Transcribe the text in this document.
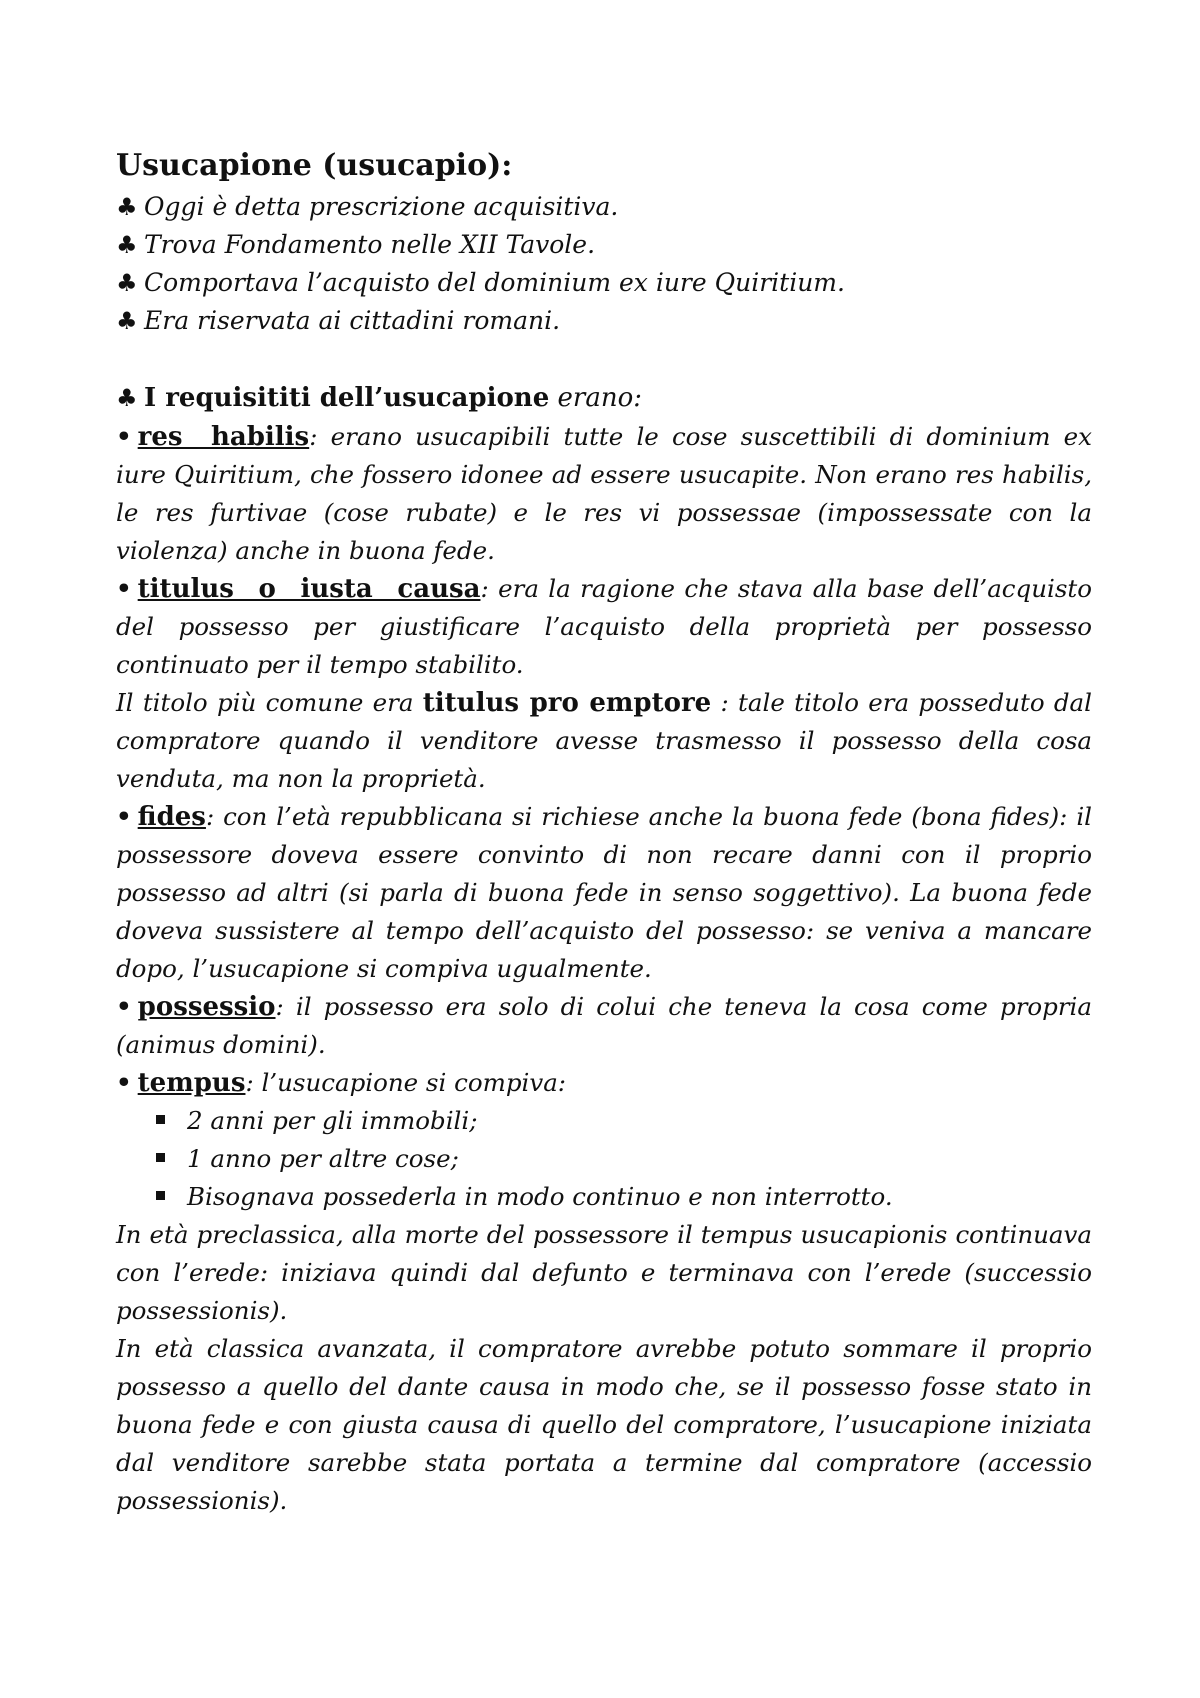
Usucapione (usucapio):
♣ Oggi è detta prescrizione acquisitiva.
♣ Trova Fondamento nelle XII Tavole.
♣ Comportava l’acquisto del dominium ex iure Quiritium.
♣ Era riservata ai cittadini romani.
♣ I requisititi dell’usucapione erano:
• res habilis: erano usucapibili tutte le cose suscettibili di dominium ex iure Quiritium, che fossero idonee ad essere usucapite. Non erano res habilis, le res furtivae (cose rubate) e le res vi possessae (impossessate con la violenza) anche in buona fede.
• titulus o iusta causa: era la ragione che stava alla base dell’acquisto del possesso per giustificare l’acquisto della proprietà per possesso continuato per il tempo stabilito.
Il titolo più comune era titulus pro emptore : tale titolo era posseduto dal compratore quando il venditore avesse trasmesso il possesso della cosa venduta, ma non la proprietà.
• fides: con l’età repubblicana si richiese anche la buona fede (bona fides): il possessore doveva essere convinto di non recare danni con il proprio possesso ad altri (si parla di buona fede in senso soggettivo). La buona fede doveva sussistere al tempo dell’acquisto del possesso: se veniva a mancare dopo, l’usucapione si compiva ugualmente.
• possessio: il possesso era solo di colui che teneva la cosa come propria (animus domini).
• tempus: l’usucapione si compiva:
2 anni per gli immobili;
1 anno per altre cose;
Bisognava possederla in modo continuo e non interrotto.
In età preclassica, alla morte del possessore il tempus usucapionis continuava con l’erede: iniziava quindi dal defunto e terminava con l’erede (successio possessionis).
In età classica avanzata, il compratore avrebbe potuto sommare il proprio possesso a quello del dante causa in modo che, se il possesso fosse stato in buona fede e con giusta causa di quello del compratore, l’usucapione iniziata dal venditore sarebbe stata portata a termine dal compratore (accessio possessionis).
